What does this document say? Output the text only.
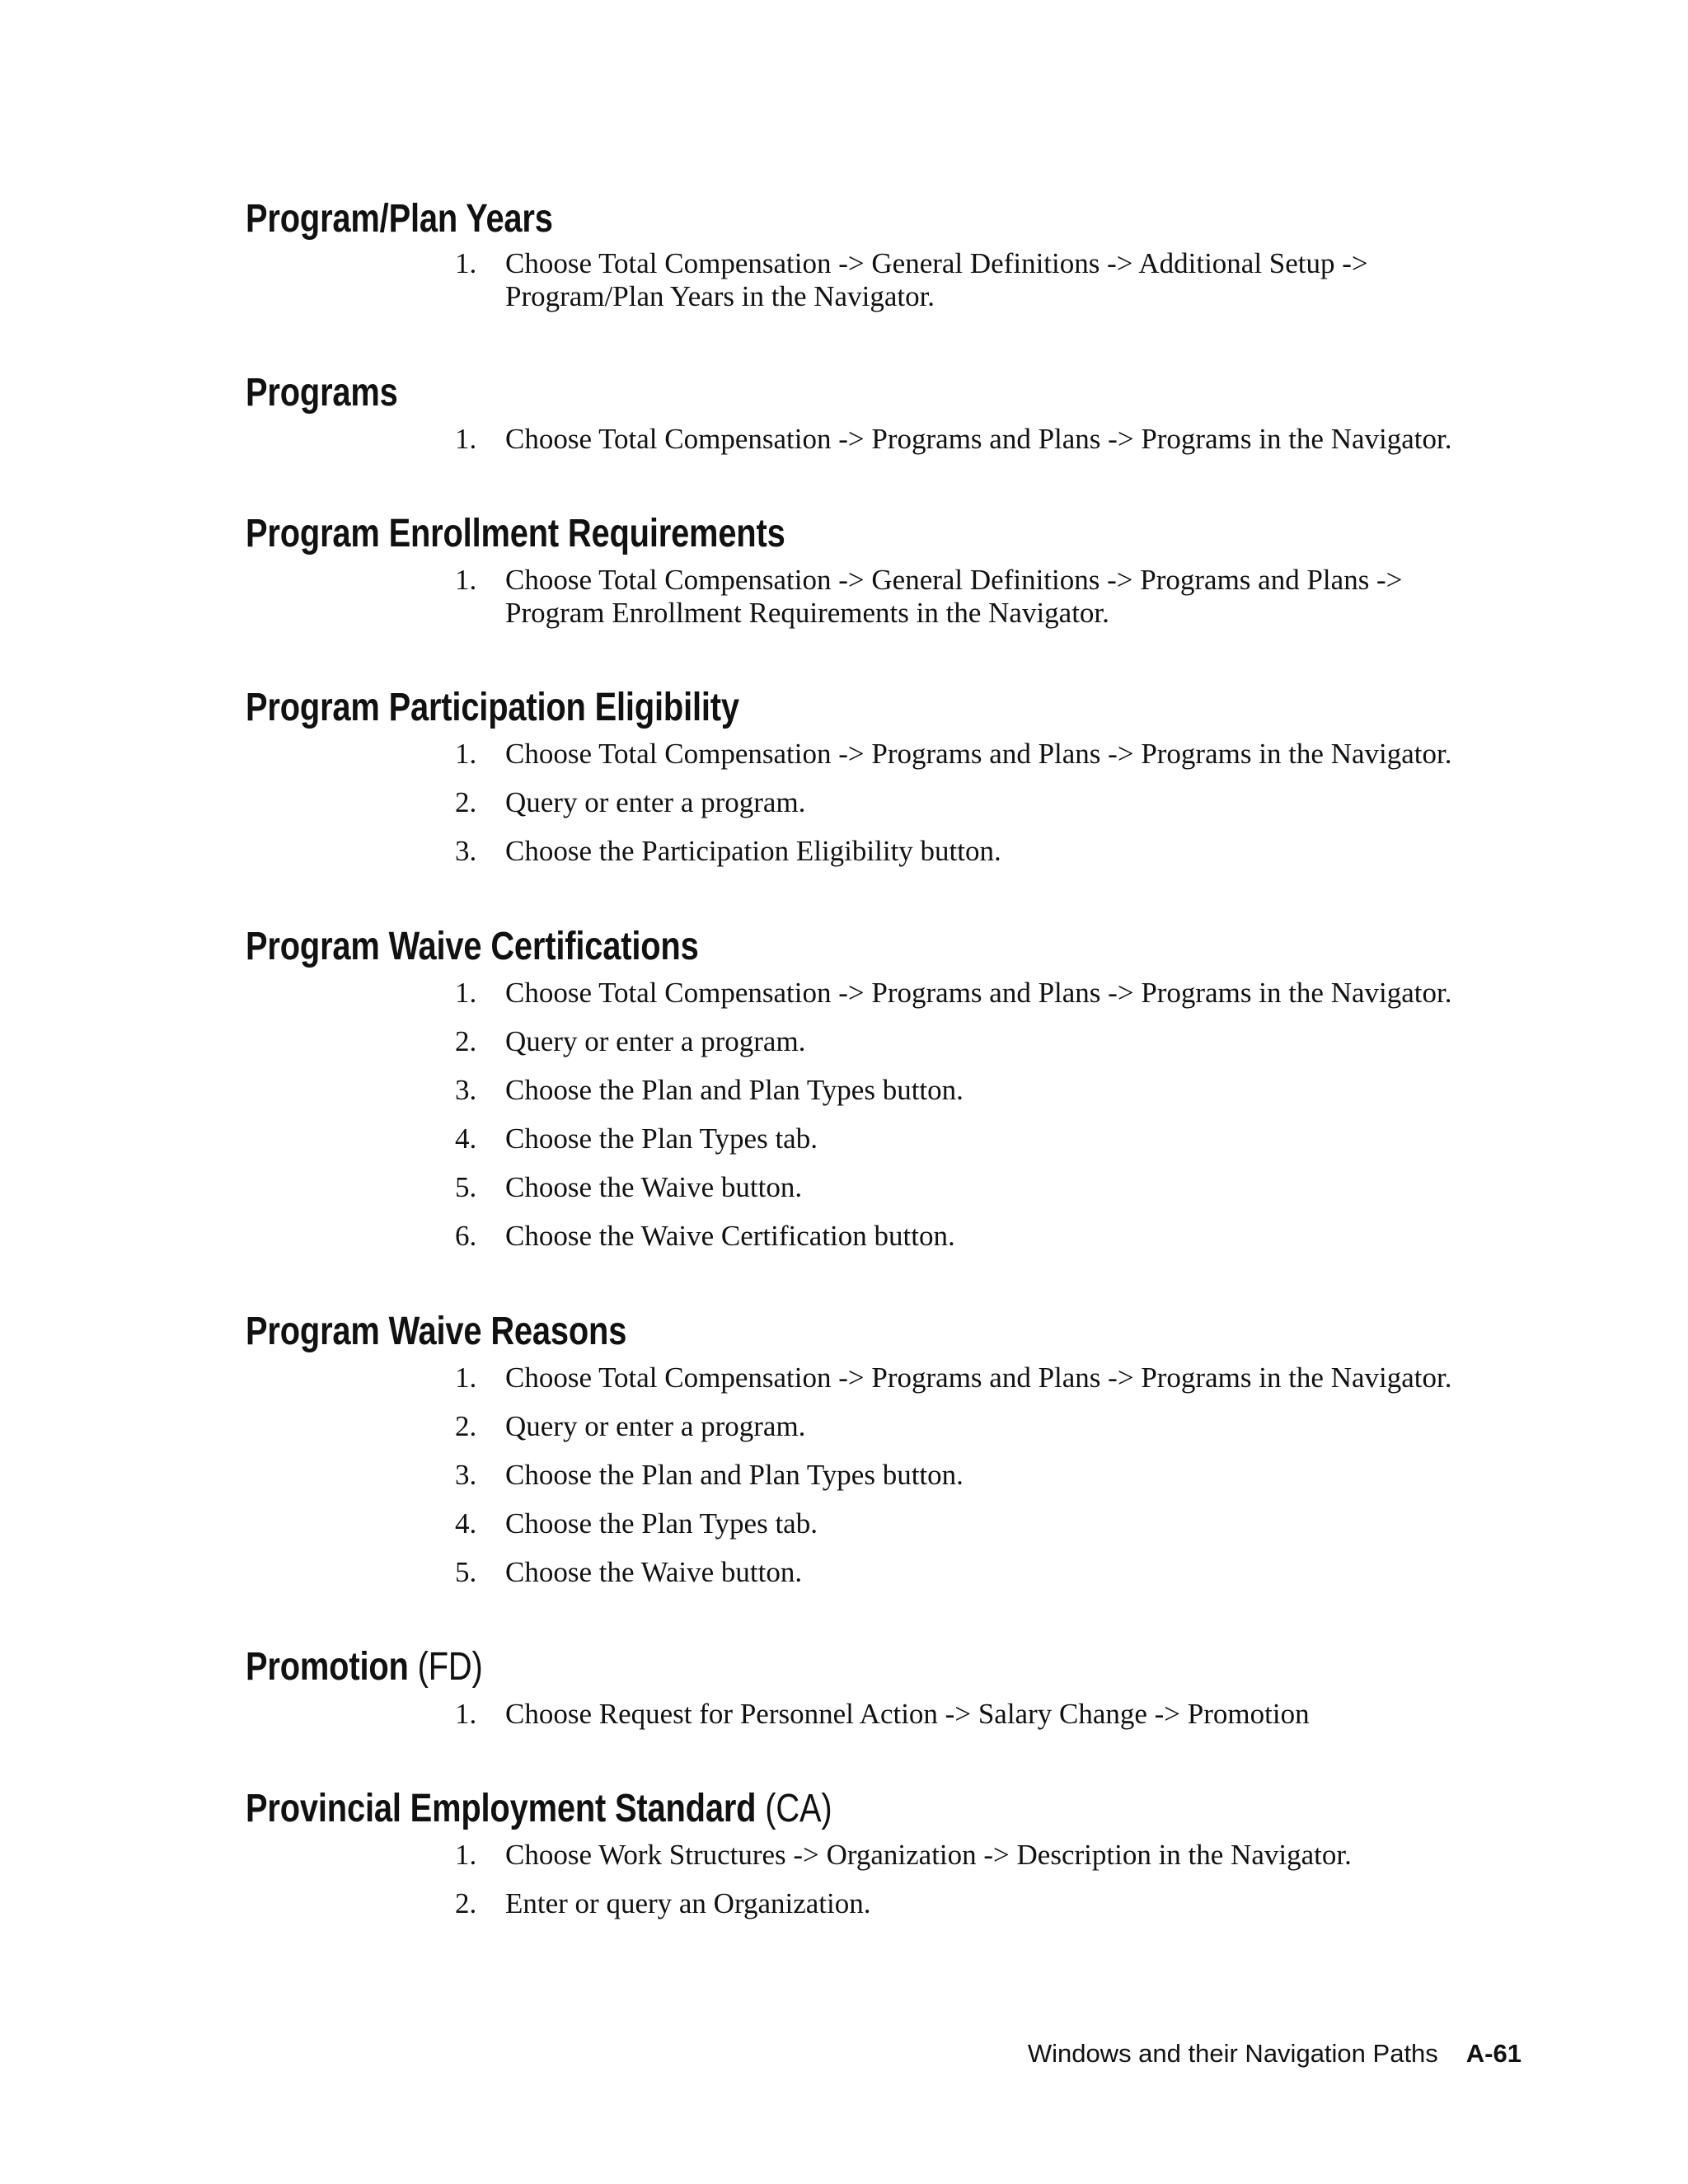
Program/Plan Years
1. Choose Total Compensation -> General Definitions -> Additional Setup ->
Program/Plan Years in the Navigator.
Programs
1. Choose Total Compensation -> Programs and Plans -> Programs in the Navigator.
Program Enrollment Requirements
1. Choose Total Compensation -> General Definitions -> Programs and Plans ->
Program Enrollment Requirements in the Navigator.
Program Participation Eligibility
1. Choose Total Compensation -> Programs and Plans -> Programs in the Navigator.
2. Query or enter a program.
3. Choose the Participation Eligibility button.
Program Waive Certifications
1. Choose Total Compensation -> Programs and Plans -> Programs in the Navigator.
2. Query or enter a program.
3. Choose the Plan and Plan Types button.
4. Choose the Plan Types tab.
5. Choose the Waive button.
6. Choose the Waive Certification button.
Program Waive Reasons
1. Choose Total Compensation -> Programs and Plans -> Programs in the Navigator.
2. Query or enter a program.
3. Choose the Plan and Plan Types button.
4. Choose the Plan Types tab.
5. Choose the Waive button.
Promotion (FD)
1. Choose Request for Personnel Action -> Salary Change -> Promotion
Provincial Employment Standard (CA)
1. Choose Work Structures -> Organization -> Description in the Navigator.
2. Enter or query an Organization.
Windows and their Navigation Paths A-61
